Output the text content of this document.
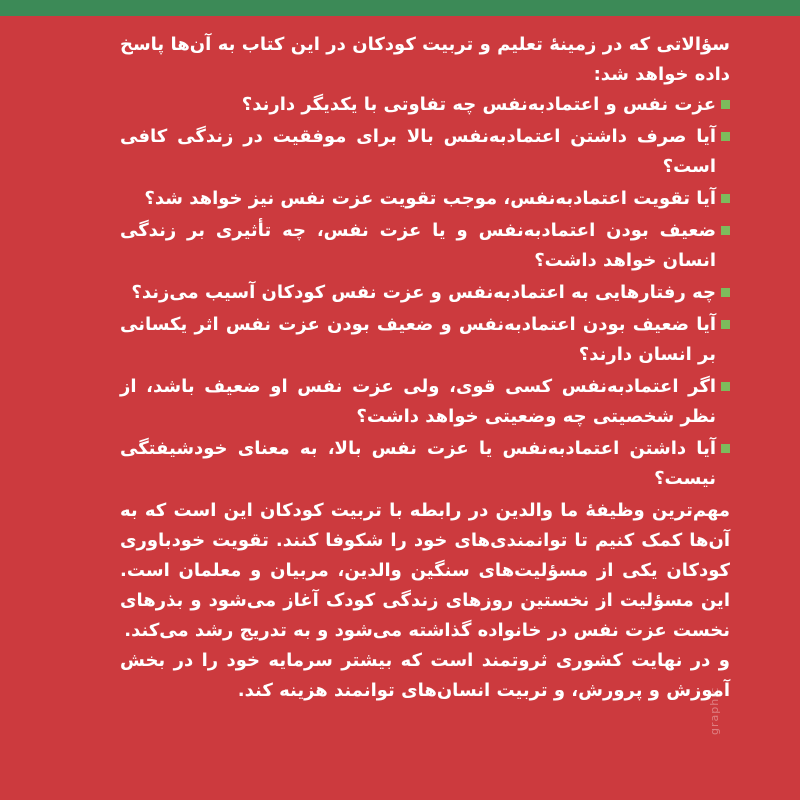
سؤالاتی که در زمینهٔ تعلیم و تربیت کودکان در این کتاب به آن‌ها پاسخ داده خواهد شد:

عزت نفس و اعتمادبه‌نفس چه تفاوتی با یکدیگر دارند؟
آیا صرف داشتن اعتمادبه‌نفس بالا برای موفقیت در زندگی کافی است؟
آیا تقویت اعتمادبه‌نفس، موجب تقویت عزت نفس نیز خواهد شد؟
ضعیف بودن اعتمادبه‌نفس و یا عزت نفس، چه تأثیری بر زندگی انسان خواهد داشت؟
چه رفتارهایی به اعتمادبه‌نفس و عزت نفس کودکان آسیب می‌زند؟
آیا ضعیف بودن اعتمادبه‌نفس و ضعیف بودن عزت نفس اثر یکسانی بر انسان دارند؟
اگر اعتمادبه‌نفس کسی قوی، ولی عزت نفس او ضعیف باشد، از نظر شخصیتی چه وضعیتی خواهد داشت؟
آیا داشتن اعتمادبه‌نفس یا عزت نفس بالا، به معنای خودشیفتگی نیست؟

مهم‌ترین وظیفهٔ ما والدین در رابطه با تربیت کودکان این است که به آن‌ها کمک کنیم تا توانمندی‌های خود را شکوفا کنند. تقویت خودباوری کودکان یکی از مسؤلیت‌های سنگین والدین، مربیان و معلمان است. این مسؤلیت از نخستین روزهای زندگی کودک آغاز می‌شود و بذرهای نخست عزت نفس در خانواده گذاشته می‌شود و به تدریج رشد می‌کند.

و در نهایت کشوری ثروتمند است که بیشتر سرمایه خود را در بخش آموزش و پرورش، و تربیت انسان‌های توانمند هزینه کند.

graphic
